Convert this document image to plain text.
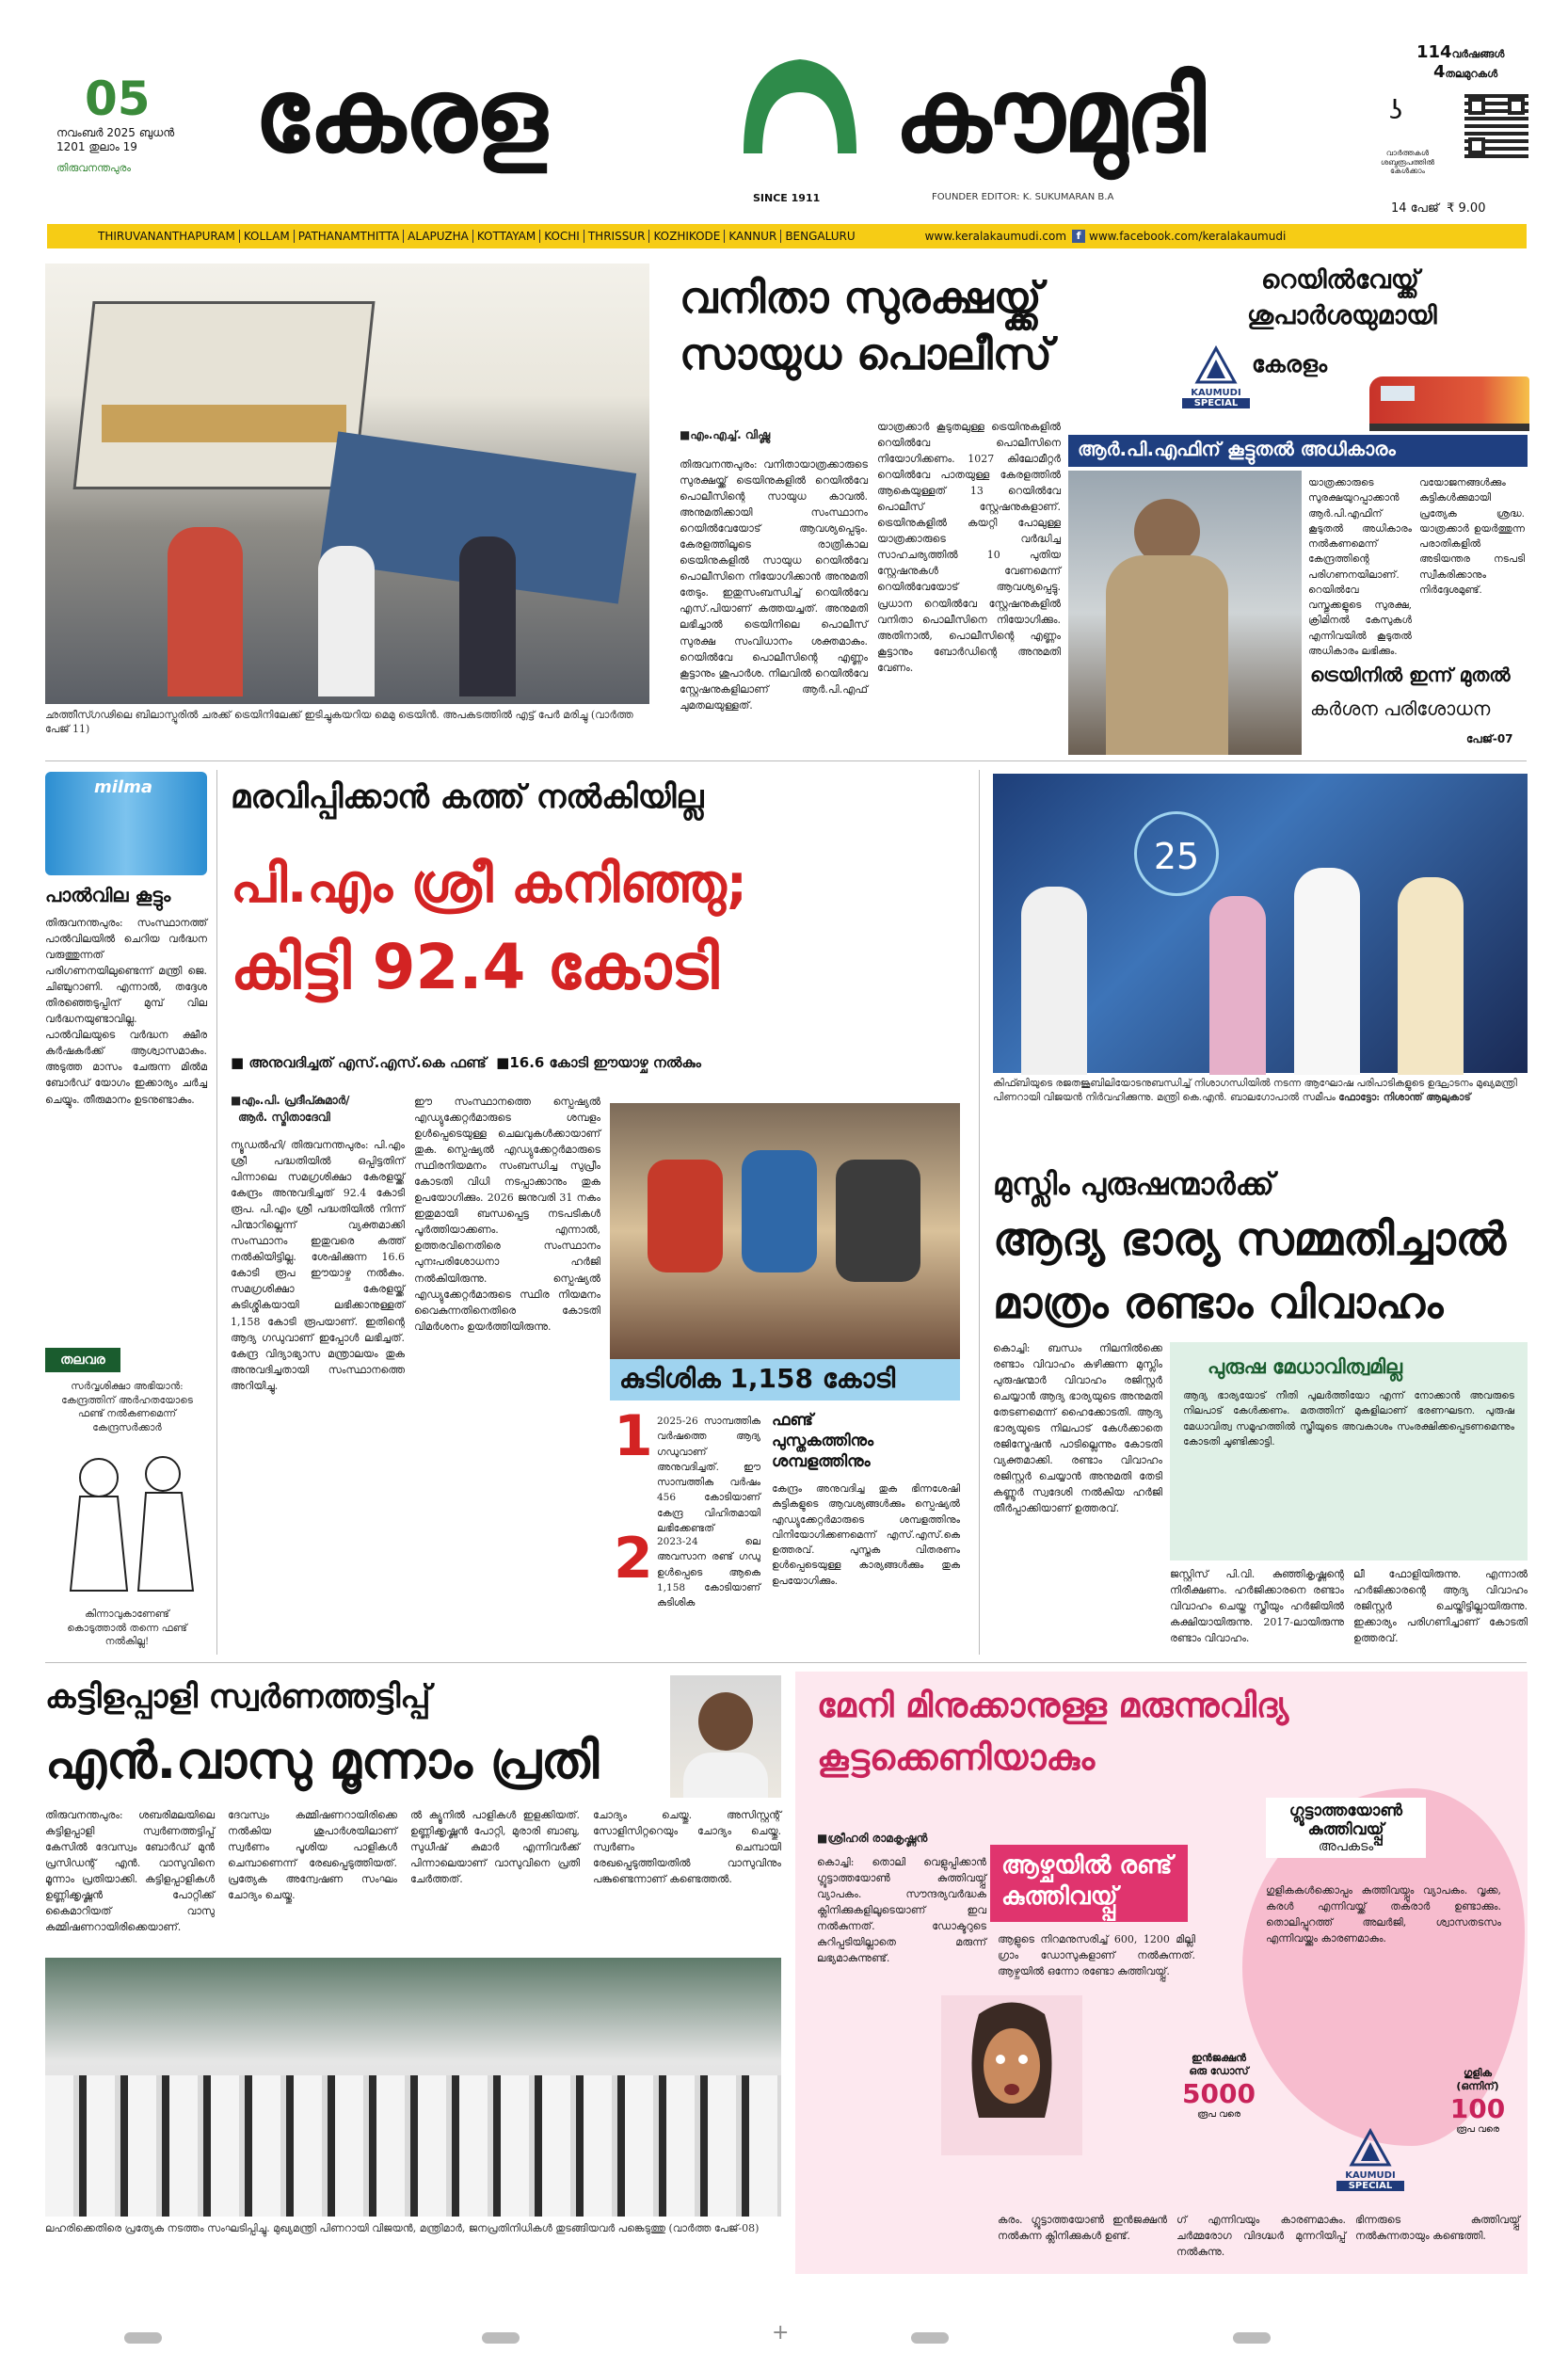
05
നവംബർ 2025 ബുധൻ
1201 തുലാം 19
തിരുവനന്തപുരം	കേരള	കൗമുദി
SINCE 1911	FOUNDER EDITOR: K. SUKUMARAN B.A
114വർഷങ്ങൾ
4തലമുറകൾ
ʖ
വാർത്തകൾ ശബ്ദരൂപത്തിൽ കേൾക്കാം
14 പേജ് ₹ 9.00
THIRUVANANTHAPURAM KOLLAM PATHANAMTHITTA ALAPUZHA KOTTAYAM KOCHI THRISSUR KOZHIKODE KANNUR BENGALURU	www.keralakaumudi.com f www.facebook.com/keralakaumudi
ഛത്തീസ്ഗഢിലെ ബിലാസ്പൂരിൽ ചരക്ക് ട്രെയിനിലേക്ക് ഇടിച്ചുകയറിയ മെമു ട്രെയിൻ. അപകടത്തിൽ എട്ട് പേർ മരിച്ചു (വാർത്ത പേജ് 11)
വനിതാ സുരക്ഷയ്ക്ക്
സായുധ പൊലീസ്
■എം.എച്ച്. വിഷ്ണു
തിരുവനന്തപുരം: വനിതായാത്രക്കാരുടെ സുരക്ഷയ്ക്ക് ട്രെയിനുകളിൽ റെയിൽവേ പൊലീസിന്റെ സായുധ കാവൽ. അനുമതിക്കായി സംസ്ഥാനം റെയിൽവേയോട് ആവശ്യപ്പെടും. കേരളത്തിലൂടെ രാത്രികാല ട്രെയിനുകളിൽ സായുധ റെയിൽവേ പൊലീസിനെ നിയോഗിക്കാൻ അനുമതി തേടും. ഇതുസംബന്ധിച്ച് റെയിൽവേ എസ്.പിയാണ് കത്തയച്ചത്. അനുമതി ലഭിച്ചാൽ ട്രെയിനിലെ പൊലീസ് സുരക്ഷ സംവിധാനം ശക്തമാകും. റെയിൽവേ പൊലീസിന്റെ എണ്ണം കൂട്ടാനും ശുപാർശ. നിലവിൽ റെയിൽവേ സ്റ്റേഷനുകളിലാണ് ആർ.പി.എഫ് ചുമതലയുള്ളത്.
യാത്രക്കാർ കൂടുതലുള്ള ട്രെയിനുകളിൽ റെയിൽവേ പൊലീസിനെ നിയോഗിക്കണം. 1027 കിലോമീറ്റർ റെയിൽവേ പാതയുള്ള കേരളത്തിൽ ആകെയുള്ളത് 13 റെയിൽവേ പൊലീസ് സ്റ്റേഷനുകളാണ്. ട്രെയിനുകളിൽ കയറ്റി പോലുള്ള യാത്രക്കാരുടെ വർദ്ധിച്ച സാഹചര്യത്തിൽ 10 പുതിയ സ്റ്റേഷനുകൾ വേണമെന്ന് റെയിൽവേയോട് ആവശ്യപ്പെട്ടു. പ്രധാന റെയിൽവേ സ്റ്റേഷനുകളിൽ വനിതാ പൊലീസിനെ നിയോഗിക്കും. അതിനാൽ, പൊലീസിന്റെ എണ്ണം കൂട്ടാനും ബോർഡിന്റെ അനുമതി വേണം.
റെയിൽവേയ്ക്ക്
ശുപാർശയുമായി
കേരളം
KAUMUDI
SPECIAL
ആർ.പി.എഫിന് കൂട്ടുതൽ അധികാരം
യാത്രക്കാരുടെ സുരക്ഷയുറപ്പാക്കാൻ ആർ.പി.എഫിന് കൂടുതൽ അധികാരം നൽകണമെന്ന് കേന്ദ്രത്തിന്റെ പരിഗണനയിലാണ്. റെയിൽവേ വസ്തുക്കളുടെ സുരക്ഷ, ക്രിമിനൽ കേസുകൾ എന്നിവയിൽ കൂടുതൽ അധികാരം ലഭിക്കും.
വയോജനങ്ങൾക്കും കുട്ടികൾക്കുമായി പ്രത്യേക ശ്രദ്ധ. യാത്രക്കാർ ഉയർത്തുന്ന പരാതികളിൽ അടിയന്തര നടപടി സ്വീകരിക്കാനും നിർദ്ദേശമുണ്ട്.
ട്രെയിനിൽ ഇന്ന് മുതൽ
കർശന പരിശോധന
പേജ്-07
milma
പാൽവില കൂട്ടും
തിരുവനന്തപുരം: സംസ്ഥാനത്ത് പാൽവിലയിൽ ചെറിയ വർദ്ധന വരുത്തുന്നത് പരിഗണനയിലുണ്ടെന്ന് മന്ത്രി ജെ. ചിഞ്ചുറാണി. എന്നാൽ, തദ്ദേശ തിരഞ്ഞെടുപ്പിന് മുമ്പ് വില വർദ്ധനയുണ്ടാവില്ല. പാൽവിലയുടെ വർദ്ധന ക്ഷീര കർഷകർക്ക് ആശ്വാസമാകും. അടുത്ത മാസം ചേരുന്ന മിൽമ ബോർഡ് യോഗം ഇക്കാര്യം ചർച്ച ചെയ്യും. തീരുമാനം ഉടനുണ്ടാകും.
തലവര
സർവ്വശിക്ഷാ അഭിയാൻ: കേന്ദ്രത്തിന് അർഹതയോടെ ഫണ്ട് നൽകണമെന്ന് കേന്ദ്രസർക്കാർ
കിന്നാവുകാണേണ്ട് കൊടുത്താൽ തന്നെ ഫണ്ട് നൽകില്ല!
മരവിപ്പിക്കാൻ കത്ത് നൽകിയില്ല
പി.എം ശ്രീ കനിഞ്ഞു;
കിട്ടി 92.4 കോടി
■ അനുവദിച്ചത് എസ്.എസ്.കെ ഫണ്ട് ■16.6 കോടി ഈയാഴ്ച നൽകും
■എം.പി. പ്രദീപ്കുമാർ/
ആർ. സ്മിതാദേവി
ന്യൂഡൽഹി/ തിരുവനന്തപുരം: പി.എം ശ്രീ പദ്ധതിയിൽ ഒപ്പിട്ടതിന് പിന്നാലെ സമഗ്രശിക്ഷാ കേരളയ്ക്ക് കേന്ദ്രം അനുവദിച്ചത് 92.4 കോടി രൂപ. പി.എം ശ്രീ പദ്ധതിയിൽ നിന്ന് പിന്മാറില്ലെന്ന് വ്യക്തമാക്കി സംസ്ഥാനം ഇതുവരെ കത്ത് നൽകിയിട്ടില്ല. ശേഷിക്കുന്ന 16.6 കോടി രൂപ ഈയാഴ്ച നൽകും. സമഗ്രശിക്ഷാ കേരളയ്ക്ക് കുടിശ്ശികയായി ലഭിക്കാനുള്ളത് 1,158 കോടി രൂപയാണ്. ഇതിന്റെ ആദ്യ ഗഡുവാണ് ഇപ്പോൾ ലഭിച്ചത്. കേന്ദ്ര വിദ്യാഭ്യാസ മന്ത്രാലയം തുക അനുവദിച്ചതായി സംസ്ഥാനത്തെ അറിയിച്ചു.
ഈ സംസ്ഥാനത്തെ സ്പെഷ്യൽ എഡ്യുക്കേറ്റർമാരുടെ ശമ്പളം ഉൾപ്പെടെയുള്ള ചെലവുകൾക്കായാണ് തുക. സ്പെഷ്യൽ എഡ്യുക്കേറ്റർമാരുടെ സ്ഥിരനിയമനം സംബന്ധിച്ച സുപ്രീം കോടതി വിധി നടപ്പാക്കാനും തുക ഉപയോഗിക്കും. 2026 ജനുവരി 31 നകം ഇതുമായി ബന്ധപ്പെട്ട നടപടികൾ പൂർത്തിയാക്കണം. എന്നാൽ, ഉത്തരവിനെതിരെ സംസ്ഥാനം പുനഃപരിശോധനാ ഹർജി നൽകിയിരുന്നു. സ്പെഷ്യൽ എഡ്യുക്കേറ്റർമാരുടെ സ്ഥിര നിയമനം വൈകുന്നതിനെതിരെ കോടതി വിമർശനം ഉയർത്തിയിരുന്നു.
കുടിശിക 1,158 കോടി
1 2025-26 സാമ്പത്തിക വർഷത്തെ ആദ്യ ഗഡുവാണ് അനുവദിച്ചത്. ഈ സാമ്പത്തിക വർഷം 456 കോടിയാണ് കേന്ദ്ര വിഹിതമായി ലഭിക്കേണ്ടത്
2 2023-24 ലെ അവസാന രണ്ട് ഗഡു ഉൾപ്പെടെ ആകെ 1,158 കോടിയാണ് കുടിശിക
ഫണ്ട്
പുസ്തകത്തിനും
ശമ്പളത്തിനും
കേന്ദ്രം അനുവദിച്ച തുക ഭിന്നശേഷി കുട്ടികളുടെ ആവശ്യങ്ങൾക്കും സ്പെഷ്യൽ എഡ്യുക്കേറ്റർമാരുടെ ശമ്പളത്തിനും വിനിയോഗിക്കണമെന്ന് എസ്.എസ്.കെ ഉത്തരവ്. പുസ്തക വിതരണം ഉൾപ്പെടെയുള്ള കാര്യങ്ങൾക്കും തുക ഉപയോഗിക്കും.
25
കിഫ്ബിയുടെ രജതജൂബിലിയോടനുബന്ധിച്ച് നിശാഗന്ധിയിൽ നടന്ന ആഘോഷ പരിപാടികളുടെ ഉദ്ഘാടനം മുഖ്യമന്ത്രി പിണറായി വിജയൻ നിർവഹിക്കുന്നു. മന്ത്രി കെ.എൻ. ബാലഗോപാൽ സമീപം ഫോട്ടോ: നിശാന്ത് ആലുകാട്
മുസ്ലിം പുരുഷന്മാർക്ക്
ആദ്യ ഭാര്യ സമ്മതിച്ചാൽ
മാത്രം രണ്ടാം വിവാഹം
കൊച്ചി: ബന്ധം നിലനിൽക്കെ രണ്ടാം വിവാഹം കഴിക്കുന്ന മുസ്ലിം പുരുഷന്മാർ വിവാഹം രജിസ്റ്റർ ചെയ്യാൻ ആദ്യ ഭാര്യയുടെ അനുമതി തേടണമെന്ന് ഹൈക്കോടതി. ആദ്യ ഭാര്യയുടെ നിലപാട് കേൾക്കാതെ രജിസ്ട്രേഷൻ പാടില്ലെന്നും കോടതി വ്യക്തമാക്കി. രണ്ടാം വിവാഹം രജിസ്റ്റർ ചെയ്യാൻ അനുമതി തേടി കണ്ണൂർ സ്വദേശി നൽകിയ ഹർജി തീർപ്പാക്കിയാണ് ഉത്തരവ്.
പുരുഷ മേധാവിത്വമില്ല
ആദ്യ ഭാര്യയോട് നീതി പുലർത്തിയോ എന്ന് നോക്കാൻ അവരുടെ നിലപാട് കേൾക്കണം. മതത്തിന് മുകളിലാണ് ഭരണഘടന. പുരുഷ മേധാവിത്വ സമൂഹത്തിൽ സ്ത്രീയുടെ അവകാശം സംരക്ഷിക്കപ്പെടണമെന്നും കോടതി ചൂണ്ടിക്കാട്ടി.
ജസ്റ്റിസ് പി.വി. കുഞ്ഞികൃഷ്ണന്റെ നിരീക്ഷണം. ഹർജിക്കാരനെ രണ്ടാം വിവാഹം ചെയ്ത സ്ത്രീയും ഹർജിയിൽ കക്ഷിയായിരുന്നു. 2017-ലായിരുന്നു രണ്ടാം വിവാഹം.
ലീ ഫോളിയിരുന്നു. എന്നാൽ ഹർജിക്കാരന്റെ ആദ്യ വിവാഹം രജിസ്റ്റർ ചെയ്തിട്ടില്ലായിരുന്നു. ഇക്കാര്യം പരിഗണിച്ചാണ് കോടതി ഉത്തരവ്.
കട്ടിളപ്പാളി സ്വർണത്തട്ടിപ്പ്
എൻ.വാസു മൂന്നാം പ്രതി
തിരുവനന്തപുരം: ശബരിമലയിലെ കട്ടിളപ്പാളി സ്വർണത്തട്ടിപ്പ് കേസിൽ ദേവസ്വം ബോർഡ് മുൻ പ്രസിഡന്റ് എൻ. വാസുവിനെ മൂന്നാം പ്രതിയാക്കി. കട്ടിളപ്പാളികൾ ഉണ്ണിക്കൃഷ്ണൻ പോറ്റിക്ക് കൈമാറിയത് വാസു കമ്മിഷണറായിരിക്കെയാണ്.
ദേവസ്വം കമ്മിഷണറായിരിക്കെ നൽകിയ ശുപാർശയിലാണ് സ്വർണം പൂശിയ പാളികൾ ചെമ്പാണെന്ന് രേഖപ്പെടുത്തിയത്. പ്രത്യേക അന്വേഷണ സംഘം ചോദ്യം ചെയ്തു.
ൽ ക്യൂനിൽ പാളികൾ ഇളക്കിയത്. ഉണ്ണിക്കൃഷ്ണൻ പോറ്റി, മുരാരി ബാബു, സുധീഷ് കുമാർ എന്നിവർക്ക് പിന്നാലെയാണ് വാസുവിനെ പ്രതി ചേർത്തത്.
ചോദ്യം ചെയ്തു. അസിസ്റ്റന്റ് സോളിസിറ്ററെയും ചോദ്യം ചെയ്തു. സ്വർണം ചെമ്പായി രേഖപ്പെടുത്തിയതിൽ വാസുവിനും പങ്കുണ്ടെന്നാണ് കണ്ടെത്തൽ.
ലഹരിക്കെതിരെ പ്രത്യേക നടത്തം സംഘടിപ്പിച്ചു. മുഖ്യമന്ത്രി പിണറായി വിജയൻ, മന്ത്രിമാർ, ജനപ്രതിനിധികൾ തുടങ്ങിയവർ പങ്കെടുത്തു (വാർത്ത പേജ്-08)
മേനി മിനുക്കാനുള്ള മരുന്നുവിദ്യ
കൂട്ടക്കെണിയാകും
■ശ്രീഹരി രാമകൃഷ്ണൻ
കൊച്ചി: തൊലി വെളുപ്പിക്കാൻ ഗ്ലൂട്ടാത്തയോൺ കുത്തിവയ്പ്പ് വ്യാപകം. സൗന്ദര്യവർദ്ധക ക്ലിനിക്കുകളിലൂടെയാണ് ഇവ നൽകുന്നത്. ഡോക്ടറുടെ കുറിപ്പടിയില്ലാതെ മരുന്ന് ലഭ്യമാകുന്നുണ്ട്.
ആഴ്ചയിൽ രണ്ട്
കുത്തിവയ്പ്പ്
ആളുടെ നിറമനുസരിച്ച് 600, 1200 മില്ലി ഗ്രാം ഡോസുകളാണ് നൽകുന്നത്. ആഴ്ചയിൽ ഒന്നോ രണ്ടോ കുത്തിവയ്പ്പ്.
ഇൻജക്ഷൻ
ഒരു ഡോസ്
5000
രൂപ വരെ
ഗ്ലൂട്ടാത്തയോൺ
കുത്തിവയ്പ്പ്
അപകടം
ഗുളികകൾക്കൊപ്പം കുത്തിവയ്പ്പും വ്യാപകം. വൃക്ക, കരൾ എന്നിവയ്ക്ക് തകരാർ ഉണ്ടാക്കും. തൊലിപ്പുറത്ത് അലർജി, ശ്വാസതടസം എന്നിവയ്ക്കും കാരണമാകും.
ഗുളിക
(ഒന്നിന്)
100
രൂപ വരെ
KAUMUDI
SPECIAL
കരം. ഗ്ലൂട്ടാത്തയോൺ ഇൻജക്ഷൻ നൽകുന്ന ക്ലിനിക്കുകൾ ഉണ്ട്.
ഗ് എന്നിവയും കാരണമാകും. ചർമ്മരോഗ വിദഗ്ദ്ധർ മുന്നറിയിപ്പ് നൽകുന്നു.
ഭിന്നരുടെ കുത്തിവയ്പ്പ് നൽകുന്നതായും കണ്ടെത്തി.
+
